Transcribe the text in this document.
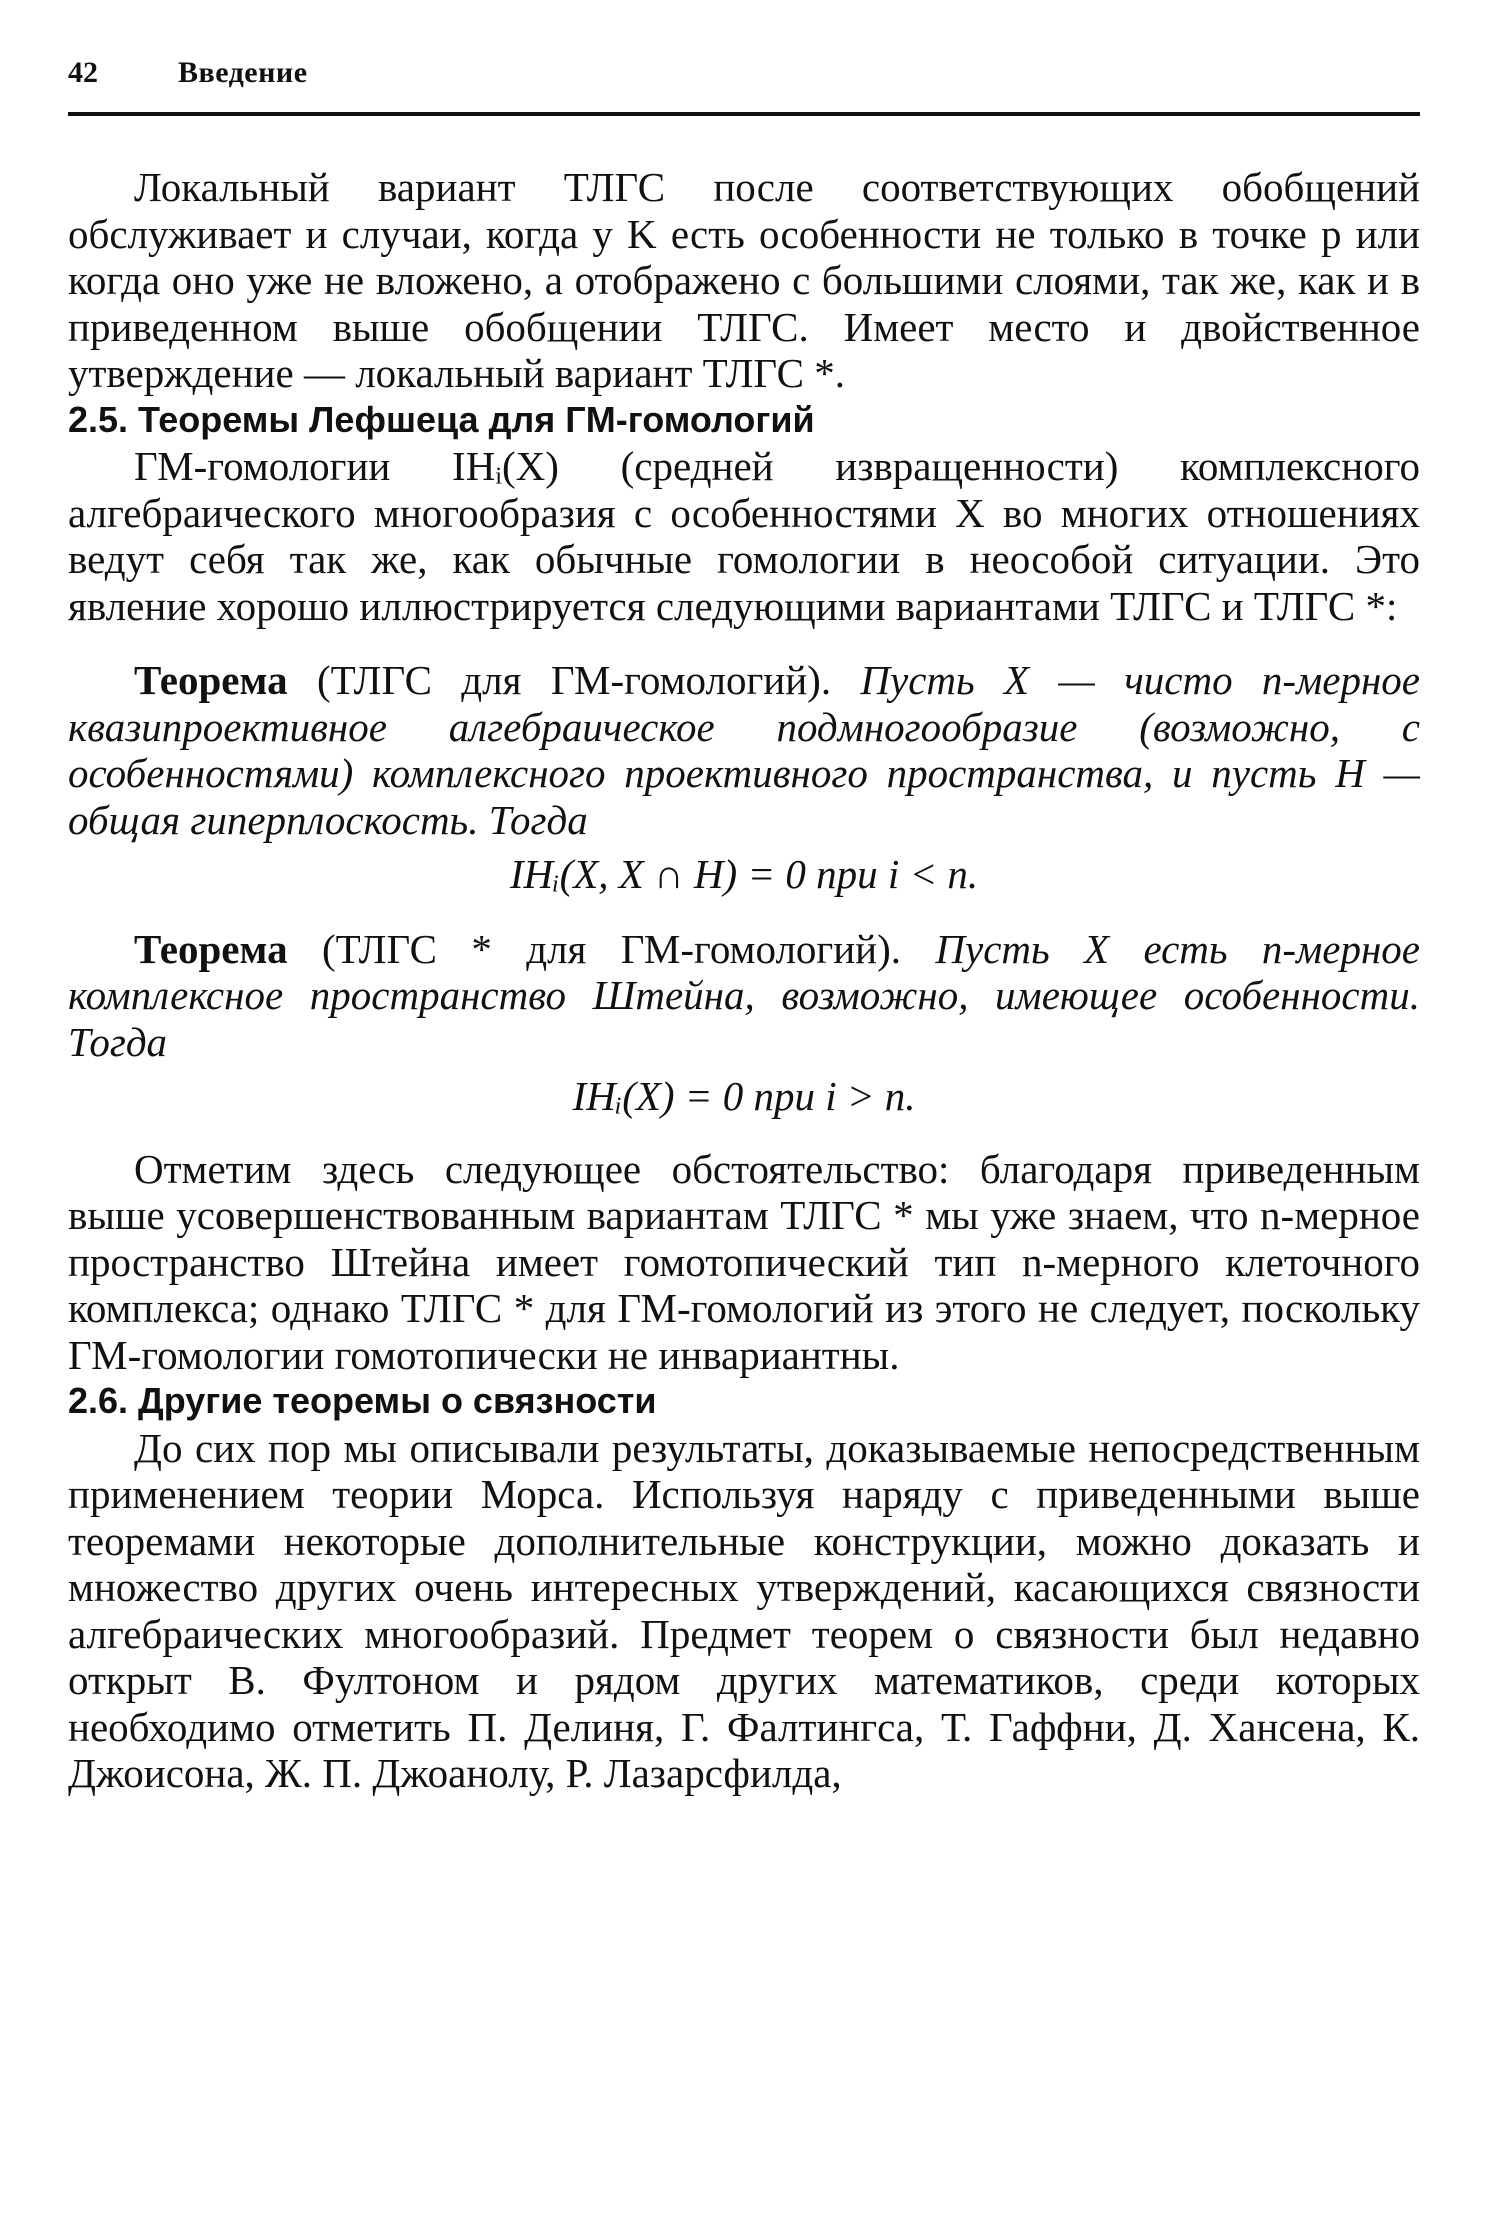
42	Введение

Локальный вариант ТЛГС после соответствующих обобщений обслуживает и случаи, когда у K есть особенности не только в точке p или когда оно уже не вложено, а отображено с большими слоями, так же, как и в приведенном выше обобщении ТЛГС. Имеет место и двойственное утверждение — локальный вариант ТЛГС *.

2.5. Теоремы Лефшеца для ГМ-гомологий

ГМ-гомологии IHᵢ(X) (средней извращенности) комплексного алгебраического многообразия с особенностями X во многих отношениях ведут себя так же, как обычные гомологии в неособой ситуации. Это явление хорошо иллюстрируется следующими вариантами ТЛГС и ТЛГС *:

Теорема (ТЛГС для ГМ-гомологий). Пусть X — чисто n-мерное квазипроективное алгебраическое подмногообразие (возможно, с особенностями) комплексного проективного пространства, и пусть H — общая гиперплоскость. Тогда

IHᵢ(X, X ∩ H) = 0 при i < n.

Теорема (ТЛГС * для ГМ-гомологий). Пусть X есть n-мерное комплексное пространство Штейна, возможно, имеющее особенности. Тогда

IHᵢ(X) = 0 при i > n.

Отметим здесь следующее обстоятельство: благодаря приведенным выше усовершенствованным вариантам ТЛГС * мы уже знаем, что n-мерное пространство Штейна имеет гомотопический тип n-мерного клеточного комплекса; однако ТЛГС * для ГМ-гомологий из этого не следует, поскольку ГМ-гомологии гомотопически не инвариантны.

2.6. Другие теоремы о связности

До сих пор мы описывали результаты, доказываемые непосредственным применением теории Морса. Используя наряду с приведенными выше теоремами некоторые дополнительные конструкции, можно доказать и множество других очень интересных утверждений, касающихся связности алгебраических многообразий. Предмет теорем о связности был недавно открыт В. Фултоном и рядом других математиков, среди которых необходимо отметить П. Делиня, Г. Фалтингса, Т. Гаффни, Д. Хансена, К. Джоисона, Ж. П. Джоанолу, Р. Лазарсфилда,
